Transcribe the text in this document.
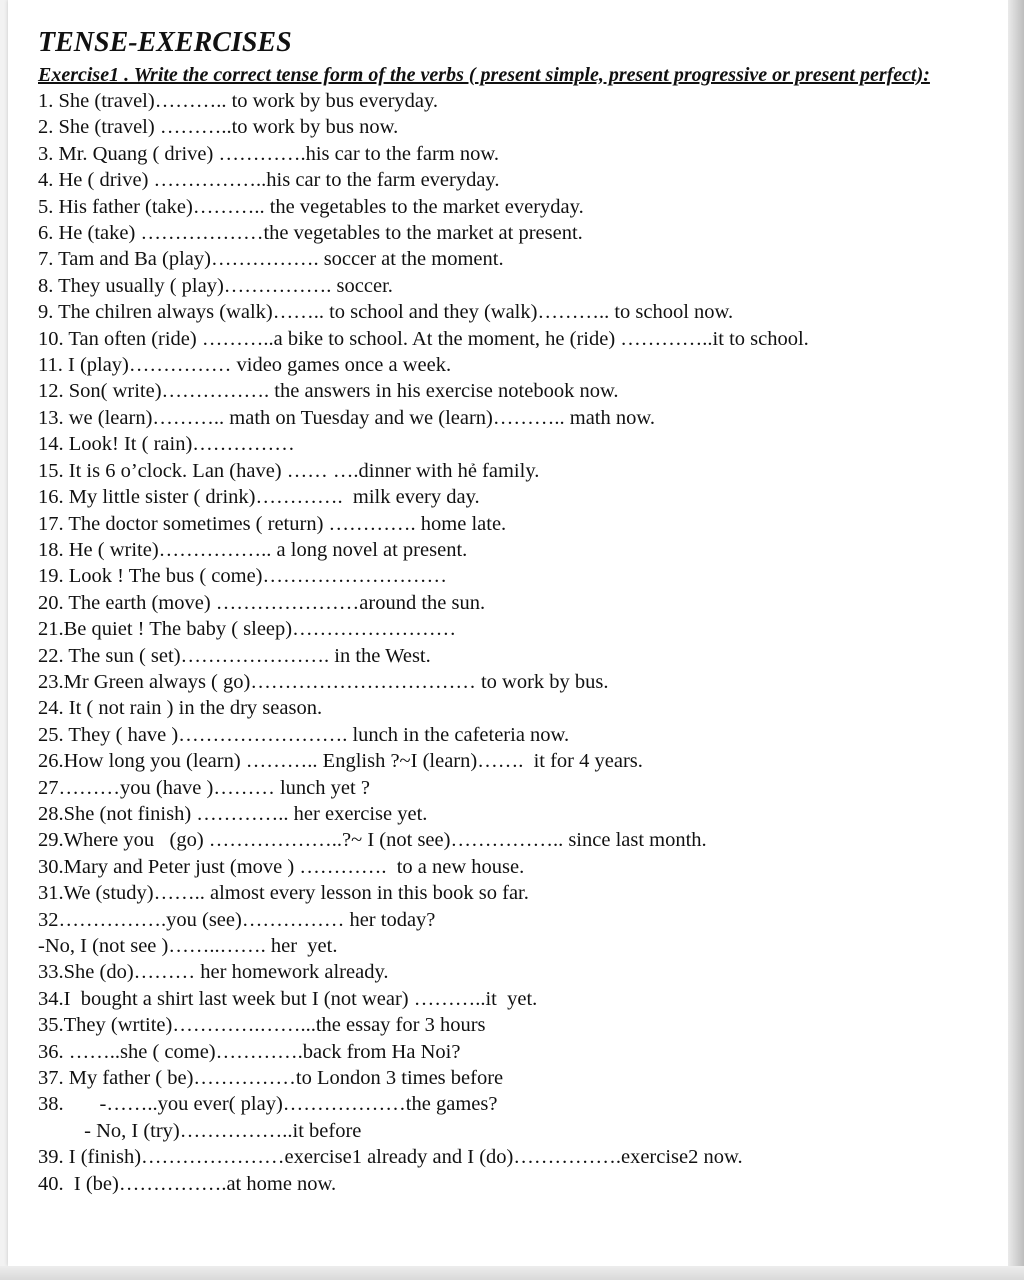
TENSE-EXERCISES
Exercise1 . Write the correct tense form of the verbs ( present simple, present progressive or present perfect):
1. She (travel)……….. to work by bus everyday.
2. She (travel) ………..to work by bus now.
3. Mr. Quang ( drive) ………….his car to the farm now.
4. He ( drive) ……………..his car to the farm everyday.
5. His father (take)……….. the vegetables to the market everyday.
6. He (take) ………………the vegetables to the market at present.
7. Tam and Ba (play)……………. soccer at the moment.
8. They usually ( play)……………. soccer.
9. The chilren always (walk)…….. to school and they (walk)……….. to school now.
10. Tan often (ride) ………..a bike to school. At the moment, he (ride) …………..it to school.
11. I (play)…………… video games once a week.
12. Son( write)……………. the answers in his exercise notebook now.
13. we (learn)……….. math on Tuesday and we (learn)……….. math now.
14. Look! It ( rain)……………
15. It is 6 o’clock. Lan (have) …… ….dinner with hẻ family.
16. My little sister ( drink)………….  milk every day.
17. The doctor sometimes ( return) …………. home late.
18. He ( write)…………….. a long novel at present.
19. Look ! The bus ( come)………………………
20. The earth (move) …………………around the sun.
21.Be quiet ! The baby ( sleep)……………………
22. The sun ( set)…………………. in the West.
23.Mr Green always ( go)…………………………… to work by bus.
24. It ( not rain ) in the dry season.
25. They ( have )……………………. lunch in the cafeteria now.
26.How long you (learn) ……….. English ?~I (learn)…….  it for 4 years.
27………you (have )……… lunch yet ?
28.She (not finish) ………….. her exercise yet.
29.Where you   (go) ………………..?~ I (not see)…………….. since last month.
30.Mary and Peter just (move ) ………….  to a new house.
31.We (study)…….. almost every lesson in this book so far.
32…………….you (see)…………… her today?
-No, I (not see )……..……. her  yet.
33.She (do)……… her homework already.
34.I  bought a shirt last week but I (not wear) ………..it  yet.
35.They (wrtite)………….……...the essay for 3 hours
36. ……..she ( come)………….back from Ha Noi?
37. My father ( be)……………to London 3 times before
38.       -……..you ever( play)………………the games?
- No, I (try)……………..it before
39. I (finish)…………………exercise1 already and I (do)…………….exercise2 now.
40.  I (be)…………….at home now.
